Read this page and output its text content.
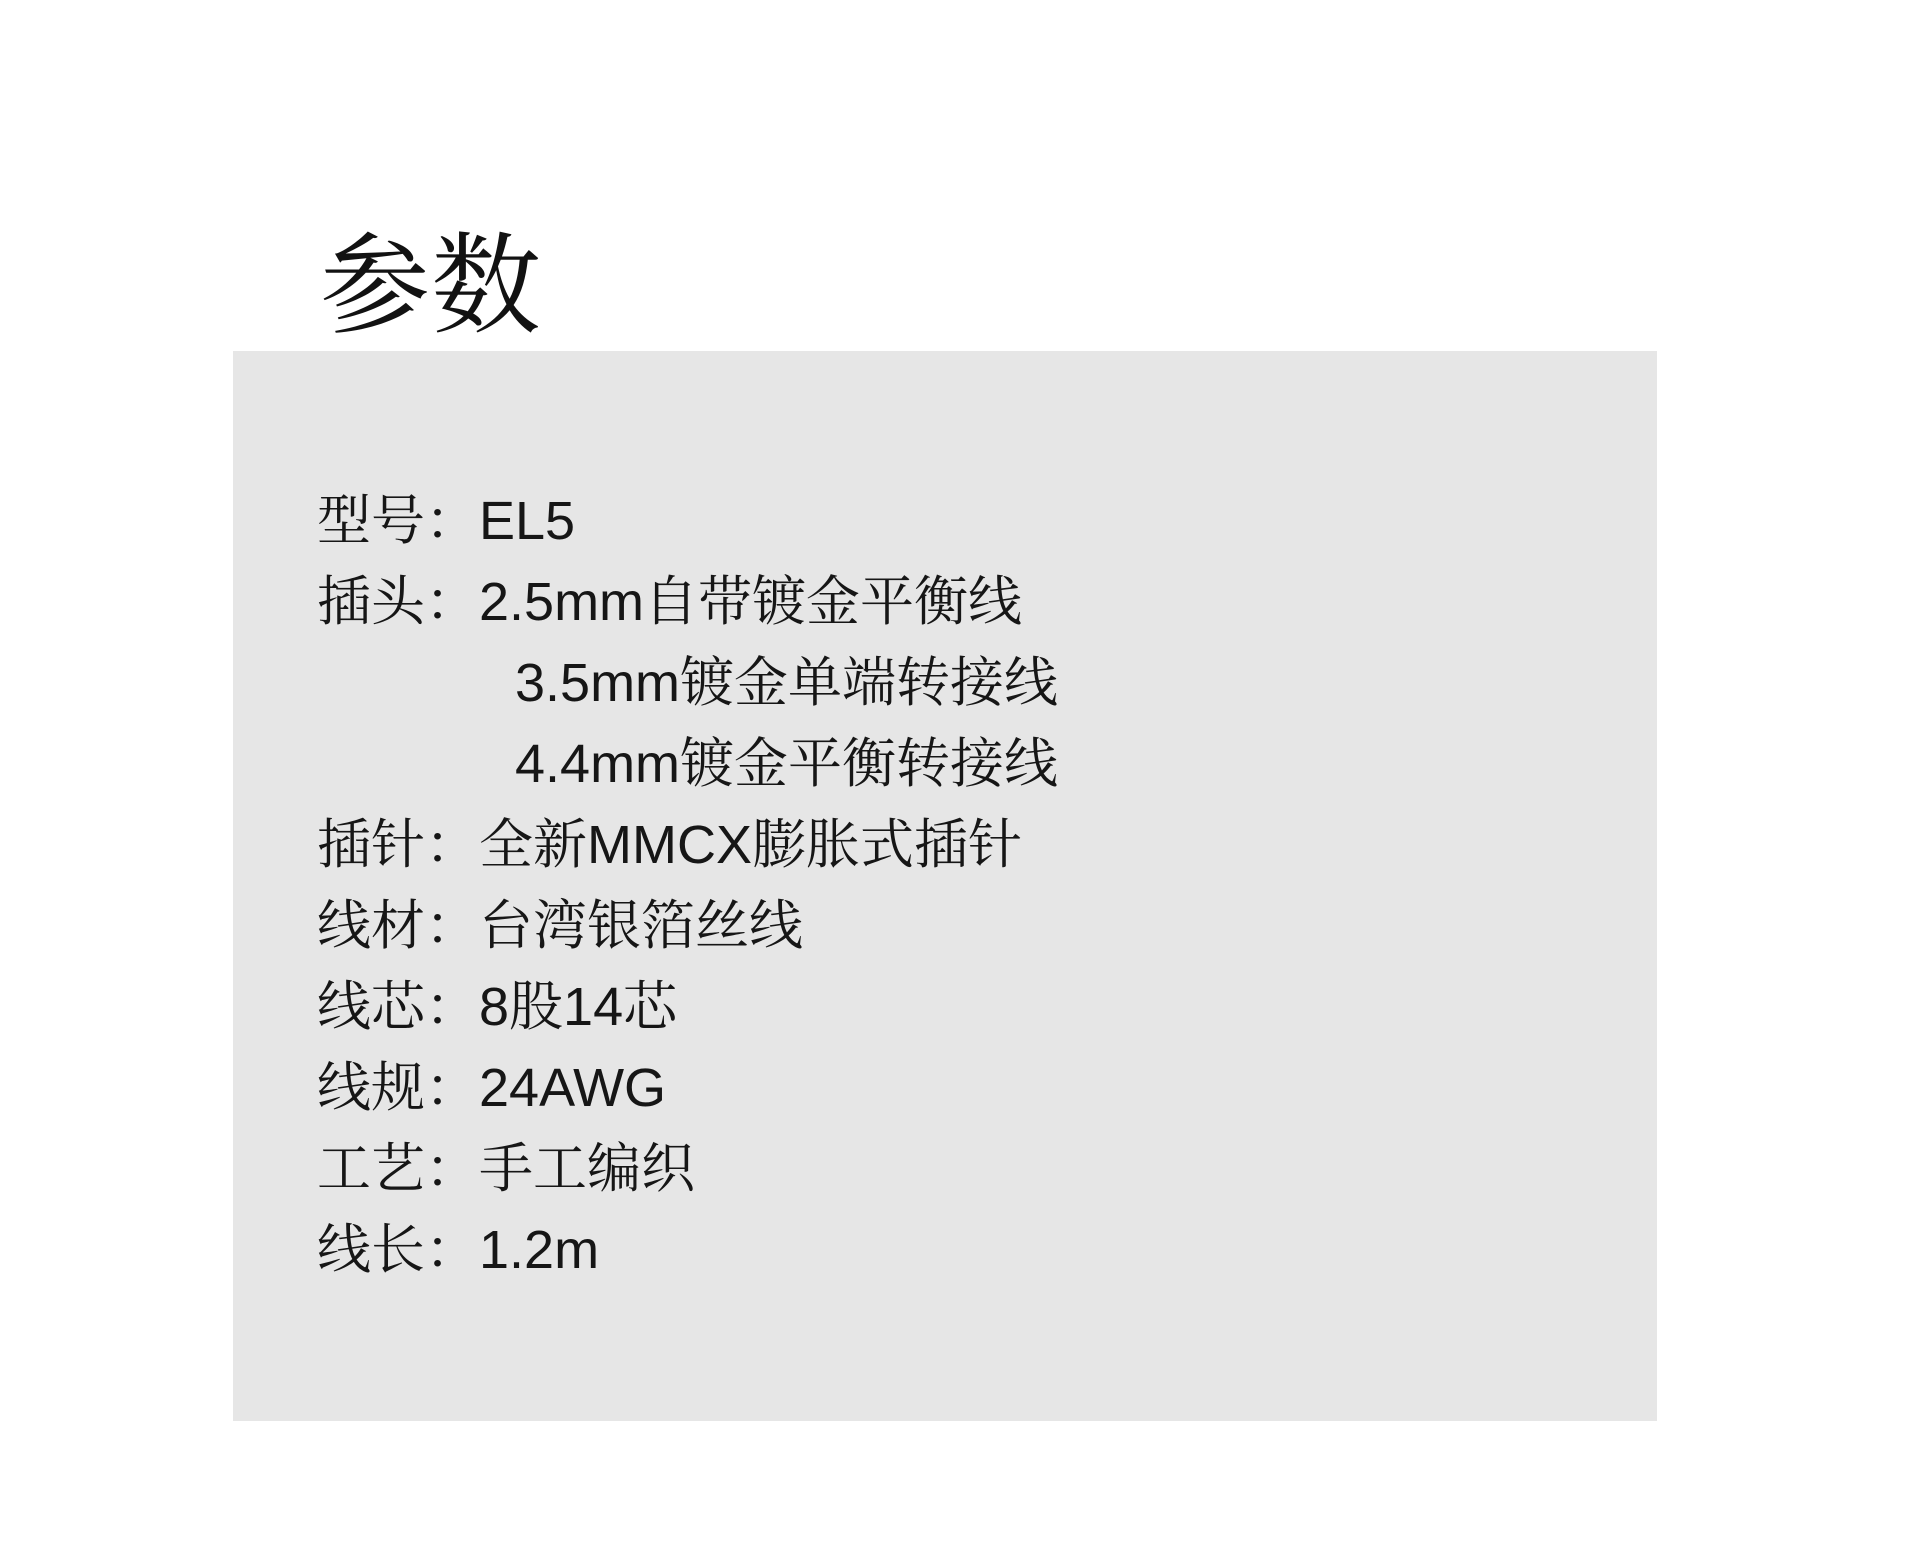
参数
型号 ： EL5
插头 ： 2.5mm自带镀金平衡线
3.5mm镀金单端转接线
4.4mm镀金平衡转接线
插针 ： 全新MMCX膨胀式插针
线材 ： 台湾银箔丝线
线芯 ： 8股14芯
线规 ： 24AWG
工艺 ： 手工编织
线长 ： 1.2m
